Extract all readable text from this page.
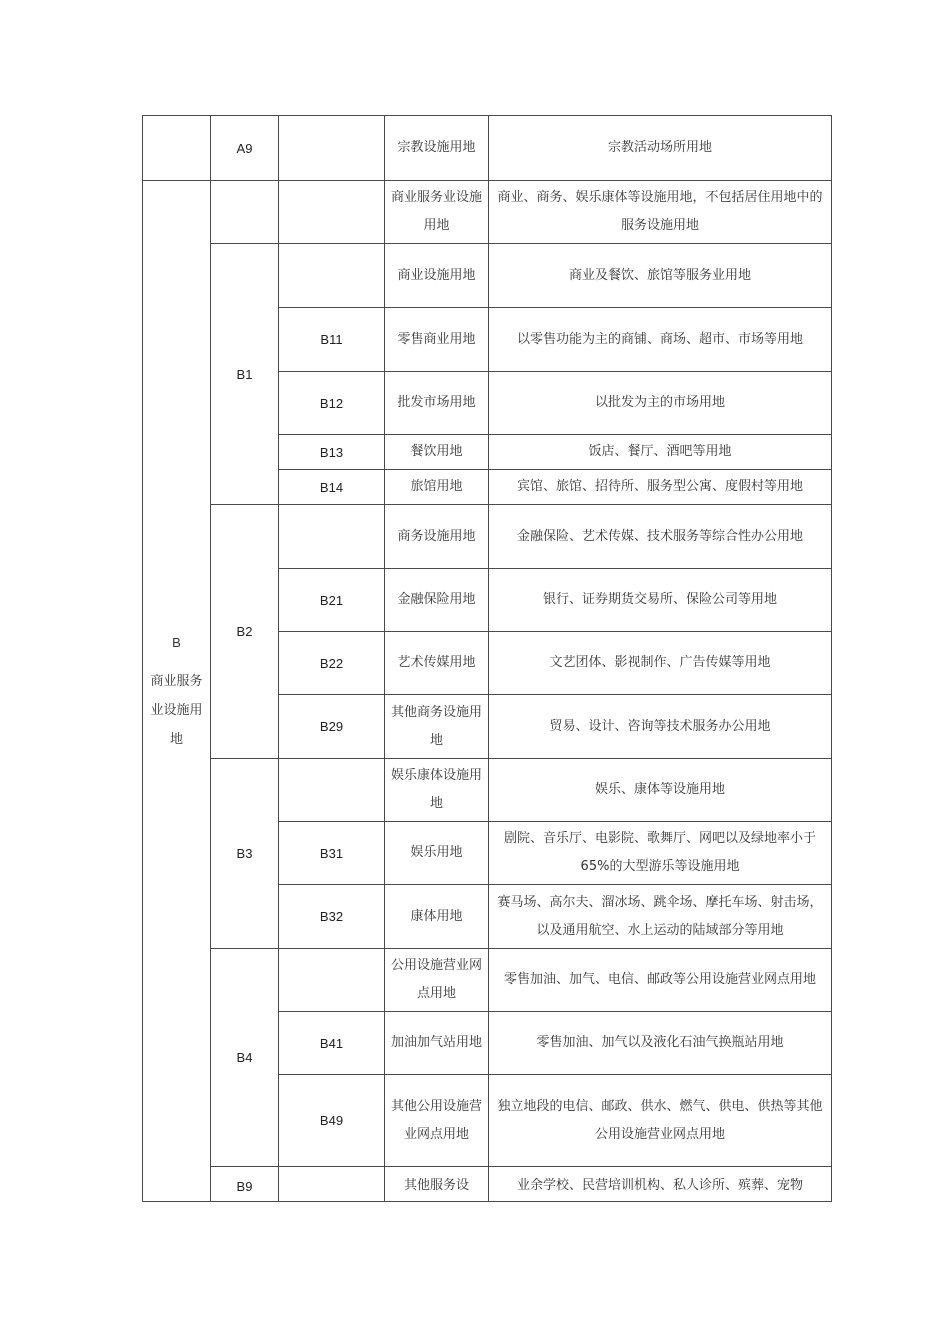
	A9		宗教设施用地	宗教活动场所用地

B
商业服务业设施用地			商业服务业设施用地	商业、商务、娱乐康体等设施用地，不包括居住用地中的服务设施用地
	B1		商业设施用地	商业及餐饮、旅馆等服务业用地
		B11	零售商业用地	以零售功能为主的商铺、商场、超市、市场等用地
		B12	批发市场用地	以批发为主的市场用地
		B13	餐饮用地	饭店、餐厅、酒吧等用地
		B14	旅馆用地	宾馆、旅馆、招待所、服务型公寓、度假村等用地
	B2		商务设施用地	金融保险、艺术传媒、技术服务等综合性办公用地
		B21	金融保险用地	银行、证券期货交易所、保险公司等用地
		B22	艺术传媒用地	文艺团体、影视制作、广告传媒等用地
		B29	其他商务设施用地	贸易、设计、咨询等技术服务办公用地
	B3		娱乐康体设施用地	娱乐、康体等设施用地
		B31	娱乐用地	剧院、音乐厅、电影院、歌舞厅、网吧以及绿地率小于65%的大型游乐等设施用地
		B32	康体用地	赛马场、高尔夫、溜冰场、跳伞场、摩托车场、射击场，以及通用航空、水上运动的陆域部分等用地
	B4		公用设施营业网点用地	零售加油、加气、电信、邮政等公用设施营业网点用地
		B41	加油加气站用地	零售加油、加气以及液化石油气换瓶站用地
		B49	其他公用设施营业网点用地	独立地段的电信、邮政、供水、燃气、供电、供热等其他公用设施营业网点用地

	B9		其他服务设	业余学校、民营培训机构、私人诊所、殡葬、宠物
